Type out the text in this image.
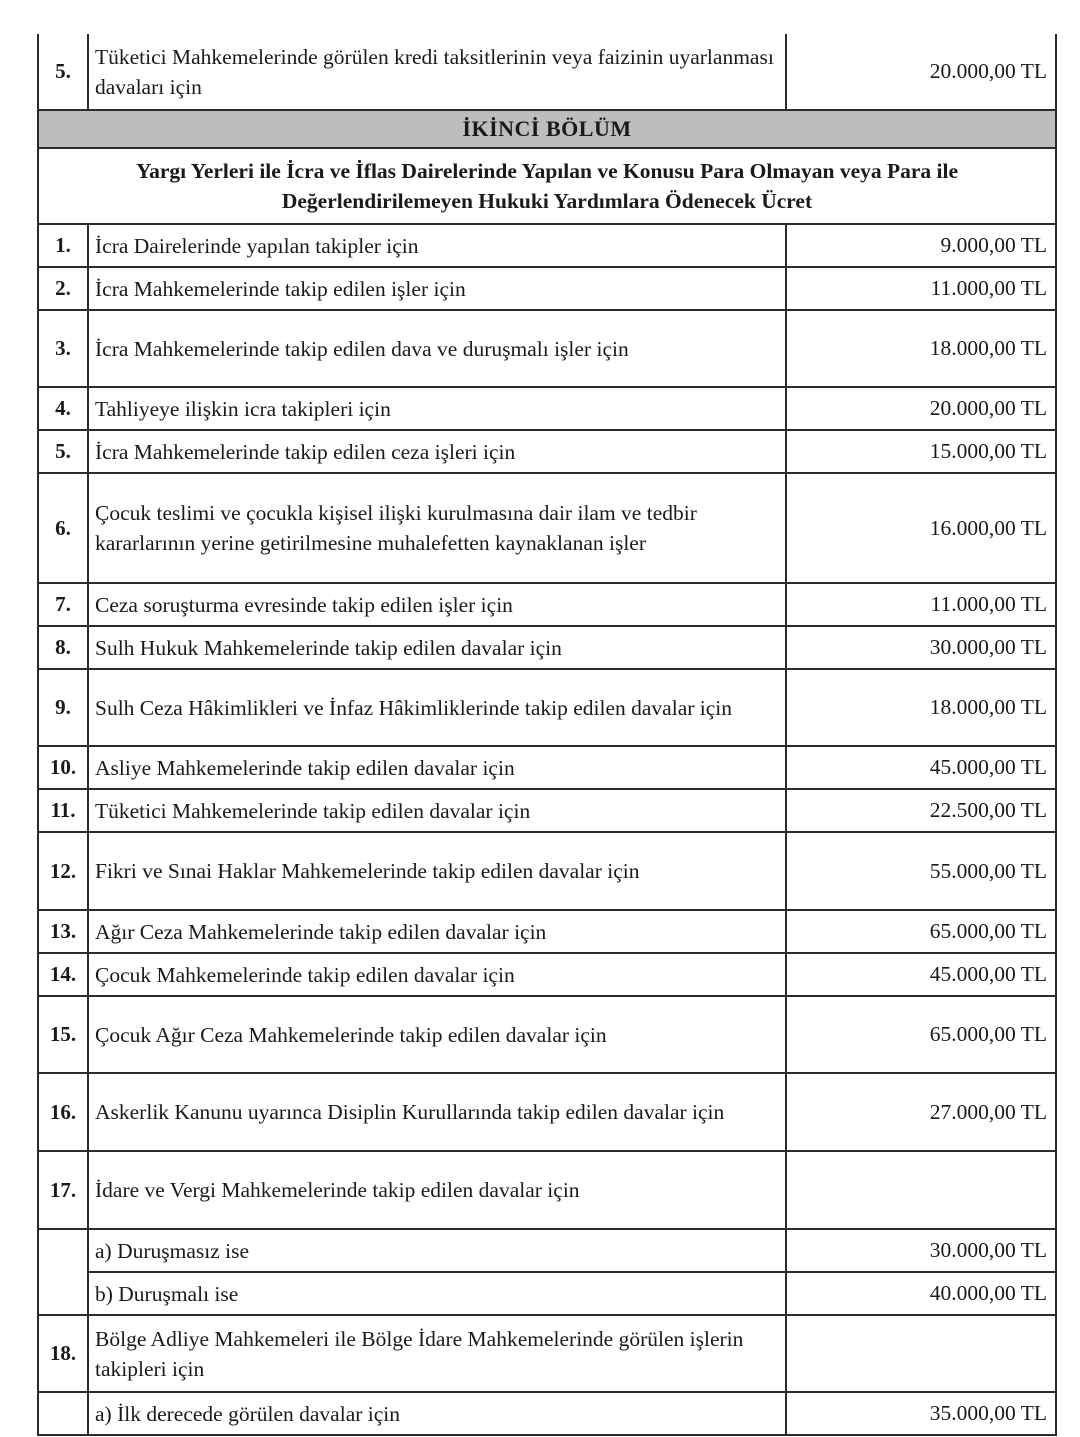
5.	Tüketici Mahkemelerinde görülen kredi taksitlerinin veya faizinin uyarlanması davaları için	20.000,00 TL
İKİNCİ BÖLÜM		

Yargı Yerleri ile İcra ve İflas Dairelerinde Yapılan ve Konusu Para Olmayan veya Para ile
Değerlendirilemeyen Hukuki Yardımlara Ödenecek Ücret		

1.	İcra Dairelerinde yapılan takipler için	9.000,00 TL
2.	İcra Mahkemelerinde takip edilen işler için	11.000,00 TL
3.	İcra Mahkemelerinde takip edilen dava ve duruşmalı işler için	18.000,00 TL
4.	Tahliyeye ilişkin icra takipleri için	20.000,00 TL
5.	İcra Mahkemelerinde takip edilen ceza işleri için	15.000,00 TL
6.	Çocuk teslimi ve çocukla kişisel ilişki kurulmasına dair ilam ve tedbir kararlarının yerine getirilmesine muhalefetten kaynaklanan işler	16.000,00 TL
7.	Ceza soruşturma evresinde takip edilen işler için	11.000,00 TL
8.	Sulh Hukuk Mahkemelerinde takip edilen davalar için	30.000,00 TL
9.	Sulh Ceza Hâkimlikleri ve İnfaz Hâkimliklerinde takip edilen davalar için	18.000,00 TL
10.	Asliye Mahkemelerinde takip edilen davalar için	45.000,00 TL
11.	Tüketici Mahkemelerinde takip edilen davalar için	22.500,00 TL
12.	Fikri ve Sınai Haklar Mahkemelerinde takip edilen davalar için	55.000,00 TL
13.	Ağır Ceza Mahkemelerinde takip edilen davalar için	65.000,00 TL
14.	Çocuk Mahkemelerinde takip edilen davalar için	45.000,00 TL
15.	Çocuk Ağır Ceza Mahkemelerinde takip edilen davalar için	65.000,00 TL
16.	Askerlik Kanunu uyarınca Disiplin Kurullarında takip edilen davalar için	27.000,00 TL
17.	İdare ve Vergi Mahkemelerinde takip edilen davalar için	
	a) Duruşmasız ise	30.000,00 TL
	b) Duruşmalı ise	40.000,00 TL
18.	Bölge Adliye Mahkemeleri ile Bölge İdare Mahkemelerinde görülen işlerin takipleri için	
	a) İlk derecede görülen davalar için	35.000,00 TL
